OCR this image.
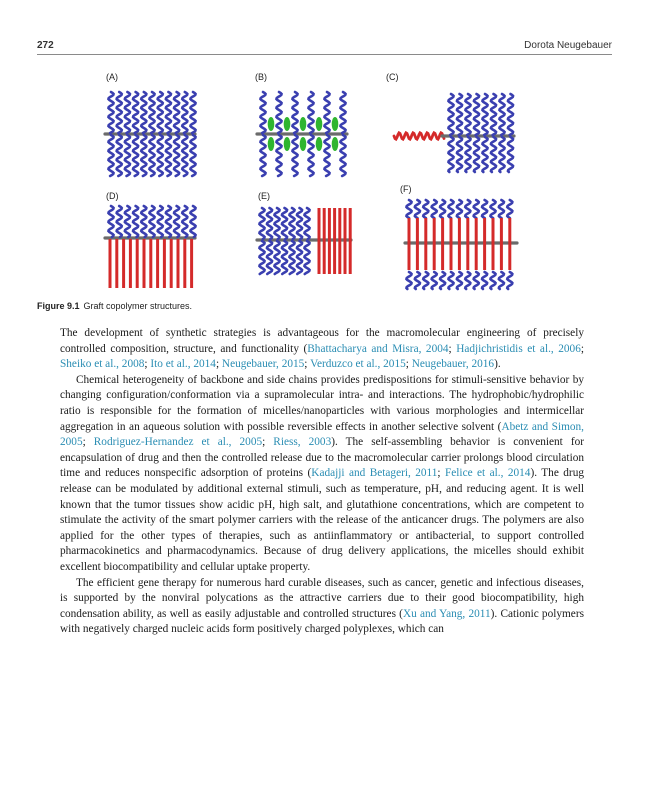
272	Dorota Neugebauer
(A)	(B)	(C)
(D)	(E)
(F)
Figure 9.1 Graft copolymer structures.

The development of synthetic strategies is advantageous for the macromolecular engineering of precisely controlled composition, structure, and functionality (Bhattacharya and Misra, 2004; Hadjichristidis et al., 2006; Sheiko et al., 2008; Ito et al., 2014; Neugebauer, 2015; Verduzco et al., 2015; Neugebauer, 2016).

Chemical heterogeneity of backbone and side chains provides predispositions for stimuli-sensitive behavior by changing configuration/conformation via a supramolecular intra- and interactions. The hydrophobic/hydrophilic ratio is responsible for the formation of micelles/nanoparticles with various morphologies and intermicellar aggregation in an aqueous solution with possible reversible effects in another selective solvent (Abetz and Simon, 2005; Rodriguez-Hernandez et al., 2005; Riess, 2003). The self-assembling behavior is convenient for encapsulation of drug and then the controlled release due to the macromolecular carrier prolongs blood circulation time and reduces nonspecific adsorption of proteins (Kadajji and Betageri, 2011; Felice et al., 2014). The drug release can be modulated by additional external stimuli, such as temperature, pH, and reducing agent. It is well known that the tumor tissues show acidic pH, high salt, and glutathione concentrations, which are competent to stimulate the activity of the smart polymer carriers with the release of the anticancer drugs. The polymers are also applied for the other types of therapies, such as antiinflammatory or antibacterial, to support controlled pharmacokinetics and pharmacodynamics. Because of drug delivery applications, the micelles should exhibit excellent biocompatibility and cellular uptake property.

The efficient gene therapy for numerous hard curable diseases, such as cancer, genetic and infectious diseases, is supported by the nonviral polycations as the attractive carriers due to their good biocompatibility, high condensation ability, as well as easily adjustable and controlled structures (Xu and Yang, 2011). Cationic polymers with negatively charged nucleic acids form positively charged polyplexes, which can
